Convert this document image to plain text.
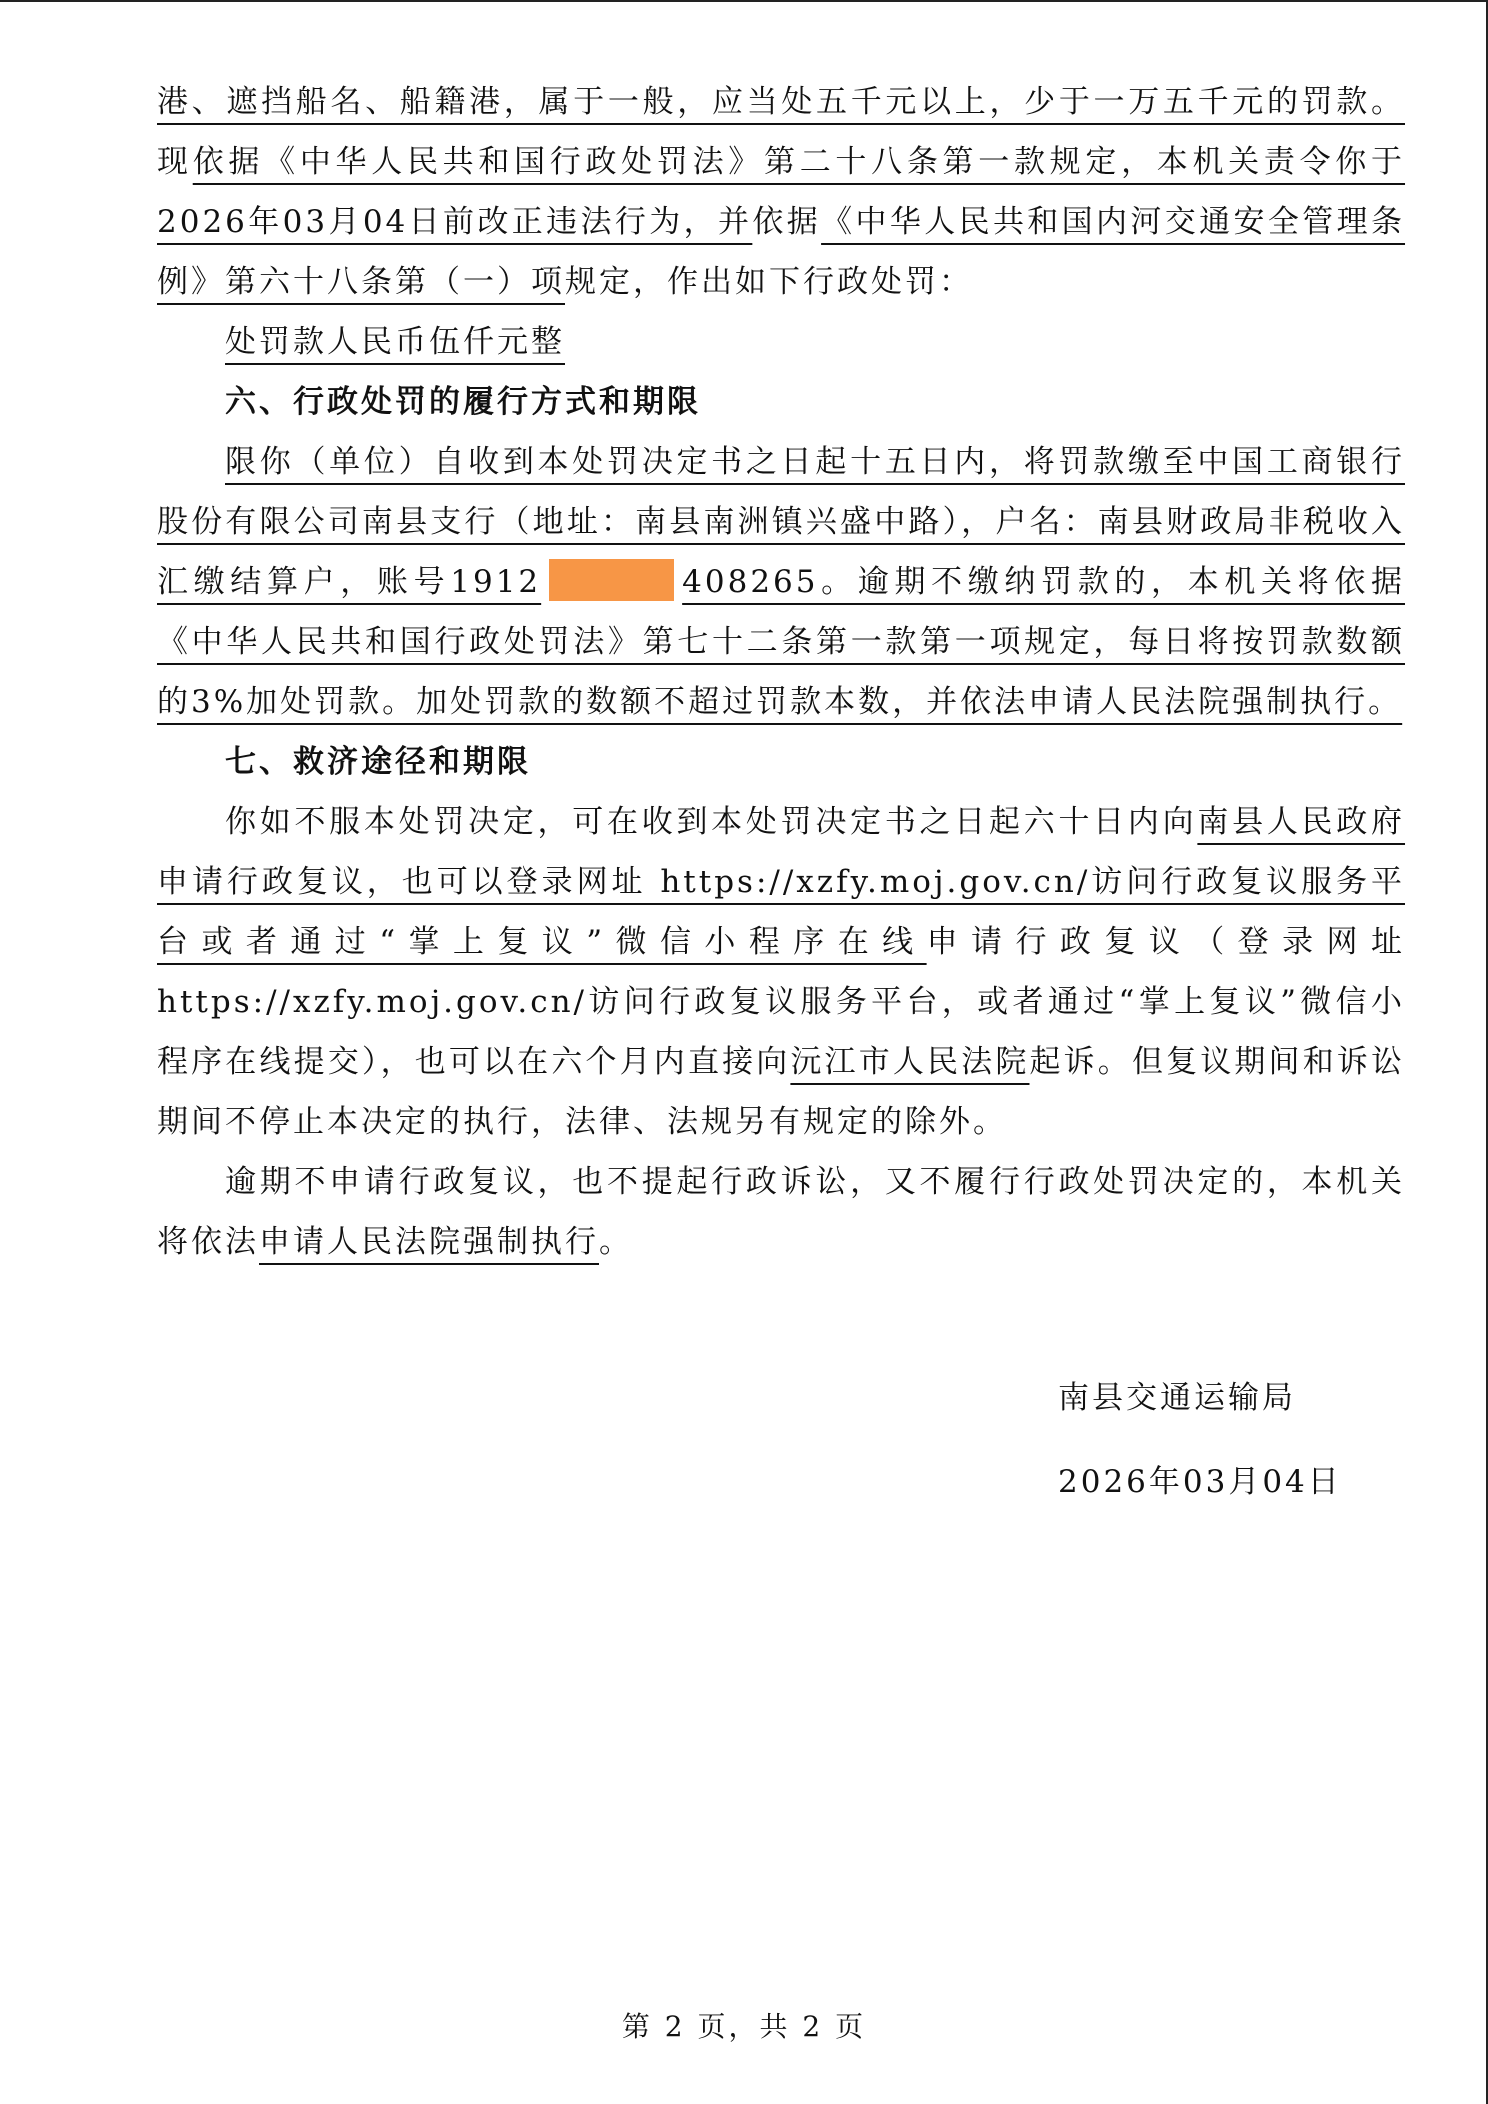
港、遮挡船名、船籍港，属于一般，应当处五千元以上，少于一万五千元的罚款。现依据《中华人民共和国行政处罚法》第二十八条第一款规定，本机关责令你于2026年03月04日前改正违法行为，并依据《中华人民共和国内河交通安全管理条例》第六十八条第（一）项规定，作出如下行政处罚：

处罚款人民币伍仟元整

六、行政处罚的履行方式和期限

限你（单位）自收到本处罚决定书之日起十五日内，将罚款缴至中国工商银行股份有限公司南县支行（地址：南县南洲镇兴盛中路），户名：南县财政局非税收入汇缴结算户，账号1912	408265。逾期不缴纳罚款的，本机关将依据《中华人民共和国行政处罚法》第七十二条第一款第一项规定，每日将按罚款数额的3%加处罚款。加处罚款的数额不超过罚款本数，并依法申请人民法院强制执行。

七、救济途径和期限

你如不服本处罚决定，可在收到本处罚决定书之日起六十日内向南县人民政府申请行政复议，也可以登录网址 https://xzfy.moj.gov.cn/访问行政复议服务平台或者通过“掌上复议”微信小程序在线申请行政复议（登录网址 https://xzfy.moj.gov.cn/访问行政复议服务平台，或者通过“掌上复议”微信小程序在线提交），也可以在六个月内直接向沅江市人民法院起诉。但复议期间和诉讼期间不停止本决定的执行，法律、法规另有规定的除外。

逾期不申请行政复议，也不提起行政诉讼，又不履行行政处罚决定的，本机关将依法申请人民法院强制执行。

南县交通运输局
2026年03月04日
第 2 页，共 2 页
